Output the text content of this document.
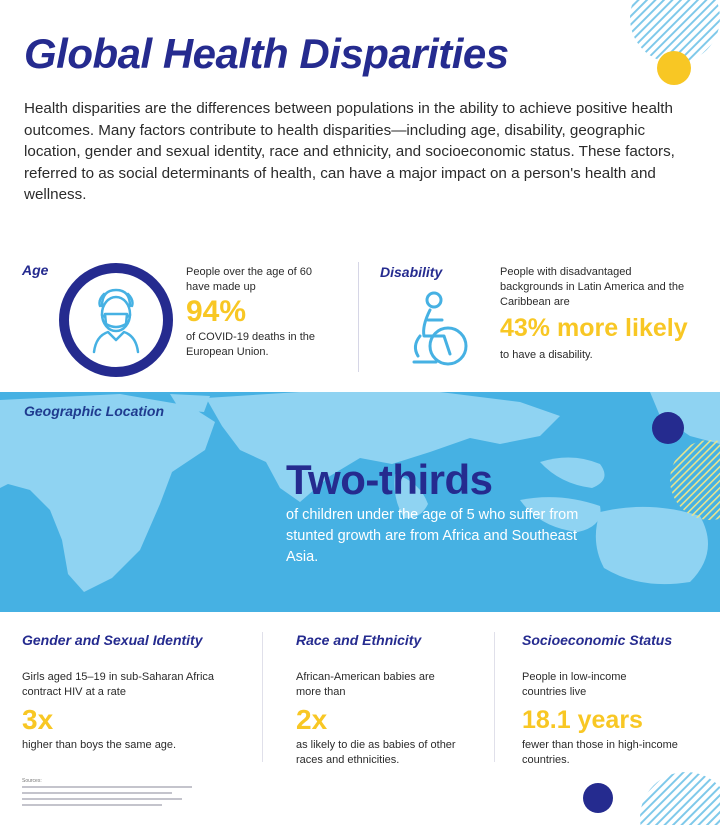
Global Health Disparities

Health disparities are the differences between populations in the ability to achieve positive health outcomes. Many factors contribute to health disparities—including age, disability, geographic location, gender and sexual identity, race and ethnicity, and socioeconomic status. These factors, referred to as social determinants of health, can have a major impact on a person's health and wellness.

Age	People over the age of 60 have made up

94%

of COVID-19 deaths in the European Union.

Disability	People with disadvantaged backgrounds in Latin America and the Caribbean are

43% more likely

to have a disability.

Geographic Location

Two-thirds

of children under the age of 5 who suffer from stunted growth are from Africa and Southeast Asia.

Gender and Sexual Identity	Race and Ethnicity	Socioeconomic Status

Girls aged 15–19 in sub-Saharan Africa contract HIV at a rate

3x

higher than boys the same age.

African-American babies are more than

2x

as likely to die as babies of other races and ethnicities.

People in low-income countries live

18.1 years

fewer than those in high-income countries.

Sources:
